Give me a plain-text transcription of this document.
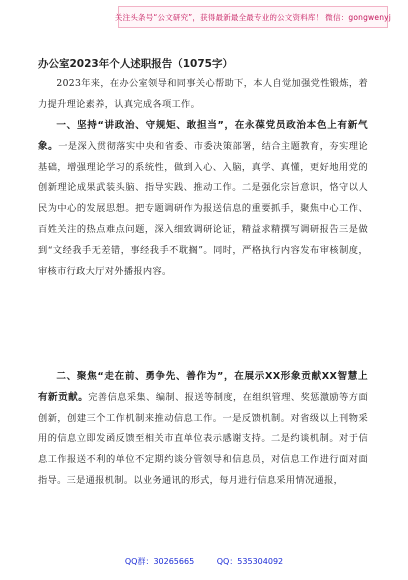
关注头条号“公文研究”，获得最新最全最专业的公文资料库！ 微信：gongwenyj
办公室2023年个人述职报告（1075字）
2023年来，在办公室领导和同事关心帮助下，本人自觉加强党性锻炼，着力提升理论素养，认真完成各项工作。
一、坚持“讲政治、守规矩、敢担当”，在永葆党员政治本色上有新气象。一是深入贯彻落实中央和省委、市委决策部署，结合主题教育，夯实理论基础，增强理论学习的系统性，做到入心、入脑，真学、真懂，更好地用党的创新理论成果武装头脑、指导实践、推动工作。二是强化宗旨意识，恪守以人民为中心的发展思想。把专题调研作为报送信息的重要抓手，聚焦中心工作、百姓关注的热点难点问题，深入细致调研论证，精益求精撰写调研报告三是做到“文经我手无差错，事经我手不耽搁”。同时，严格执行内容发布审核制度，审核市行政大厅对外播报内容。
二、聚焦“走在前、勇争先、善作为”，在展示XX形象贡献XX智慧上有新贡献。完善信息采集、编制、报送等制度，在组织管理、奖惩激励等方面创新，创建三个工作机制来推动信息工作。一是反馈机制。对省级以上刊物采用的信息立即发函反馈至相关市直单位表示感谢支持。二是约谈机制。对于信息工作报送不利的单位不定期约谈分管领导和信息员，对信息工作进行面对面指导。三是通报机制。以业务通讯的形式，每月进行信息采用情况通报，
QQ群：30265665	QQ：535304092
